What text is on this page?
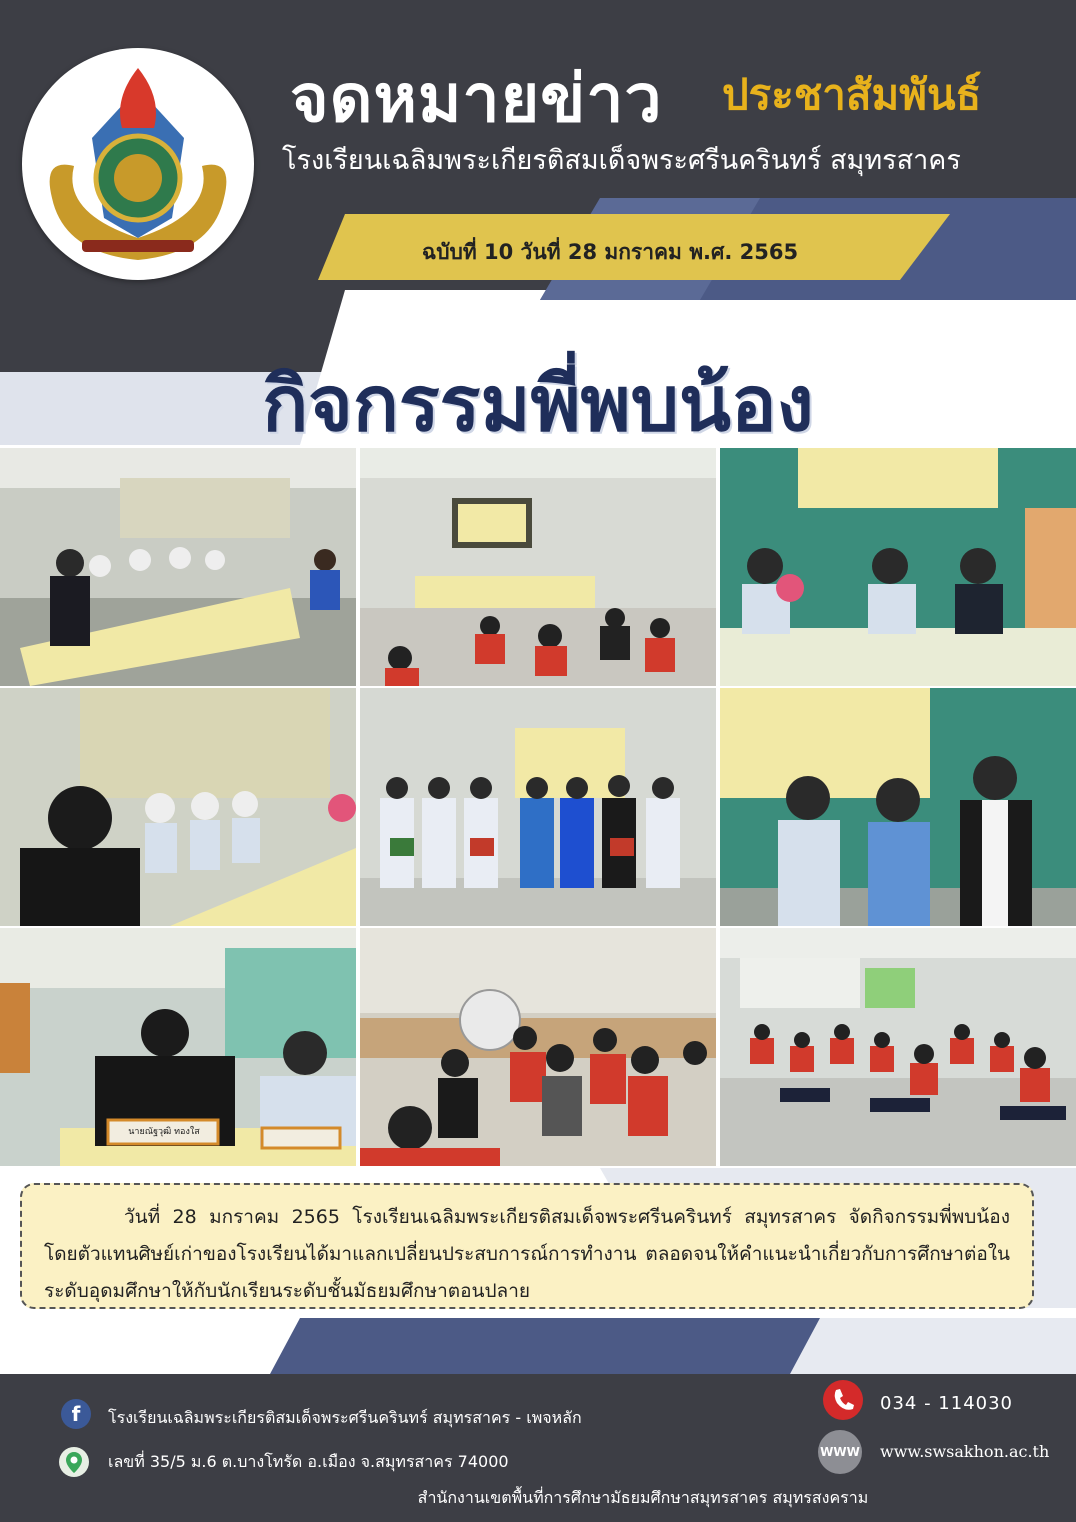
จดหมายข่าว ประชาสัมพันธ์
โรงเรียนเฉลิมพระเกียรติสมเด็จพระศรีนครินทร์ สมุทรสาคร
ฉบับที่ 10 วันที่ 28 มกราคม พ.ศ. 2565
กิจกรรมพี่พบน้อง
นายณัฐวุฒิ ทองใส
วันที่ 28 มกราคม 2565 โรงเรียนเฉลิมพระเกียรติสมเด็จพระศรีนครินทร์ สมุทรสาคร จัดกิจกรรมพี่พบน้อง โดยตัวแทนศิษย์เก่าของโรงเรียนได้มาแลกเปลี่ยนประสบการณ์การทำงาน ตลอดจนให้คำแนะนำเกี่ยวกับการศึกษาต่อในระดับอุดมศึกษาให้กับนักเรียนระดับชั้นมัธยมศึกษาตอนปลาย
f	โรงเรียนเฉลิมพระเกียรติสมเด็จพระศรีนครินทร์ สมุทรสาคร - เพจหลัก
เลขที่ 35/5 ม.6 ต.บางโทรัด อ.เมือง จ.สมุทรสาคร 74000
034 - 114030
WWW www.swsakhon.ac.th
สำนักงานเขตพื้นที่การศึกษามัธยมศึกษาสมุทรสาคร สมุทรสงคราม
